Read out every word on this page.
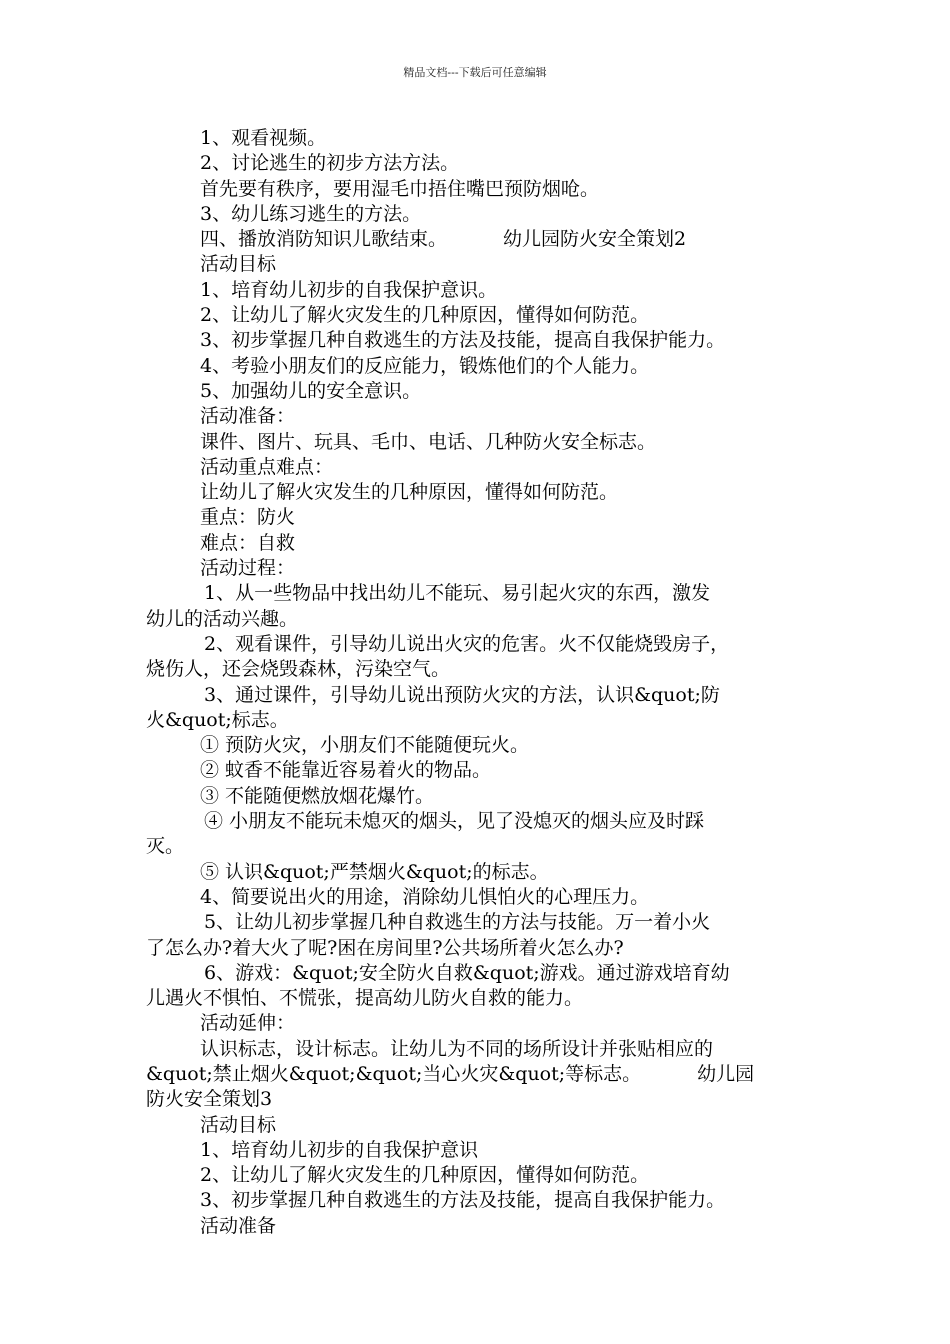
精品文档---下载后可任意编辑
1、观看视频。
2、讨论逃生的初步方法方法。
首先要有秩序，要用湿毛巾捂住嘴巴预防烟呛。
3、幼儿练习逃生的方法。
四、播放消防知识儿歌结束。	幼儿园防火安全策划2
活动目标
1、培育幼儿初步的自我保护意识。
2、让幼儿了解火灾发生的几种原因，懂得如何防范。
3、初步掌握几种自救逃生的方法及技能，提高自我保护能力。
4、考验小朋友们的反应能力，锻炼他们的个人能力。
5、加强幼儿的安全意识。
活动准备：
课件、图片、玩具、毛巾、电话、几种防火安全标志。
活动重点难点：
让幼儿了解火灾发生的几种原因，懂得如何防范。
重点：防火
难点：自救
活动过程：
1、从一些物品中找出幼儿不能玩、易引起火灾的东西，激发
幼儿的活动兴趣。
2、观看课件，引导幼儿说出火灾的危害。火不仅能烧毁房子，
烧伤人，还会烧毁森林，污染空气。
3、通过课件，引导幼儿说出预防火灾的方法，认识&quot;防
火&quot;标志。
① 预防火灾，小朋友们不能随便玩火。
② 蚊香不能靠近容易着火的物品。
③ 不能随便燃放烟花爆竹。
④ 小朋友不能玩未熄灭的烟头，见了没熄灭的烟头应及时踩
灭。
⑤ 认识&quot;严禁烟火&quot;的标志。
4、简要说出火的用途，消除幼儿惧怕火的心理压力。
5、让幼儿初步掌握几种自救逃生的方法与技能。万一着小火
了怎么办?着大火了呢?困在房间里?公共场所着火怎么办?
6、游戏：&quot;安全防火自救&quot;游戏。通过游戏培育幼
儿遇火不惧怕、不慌张，提高幼儿防火自救的能力。
活动延伸：
认识标志，设计标志。让幼儿为不同的场所设计并张贴相应的
&quot;禁止烟火&quot;&quot;当心火灾&quot;等标志。	幼儿园
防火安全策划3
活动目标
1、培育幼儿初步的自我保护意识
2、让幼儿了解火灾发生的几种原因，懂得如何防范。
3、初步掌握几种自救逃生的方法及技能，提高自我保护能力。
活动准备
